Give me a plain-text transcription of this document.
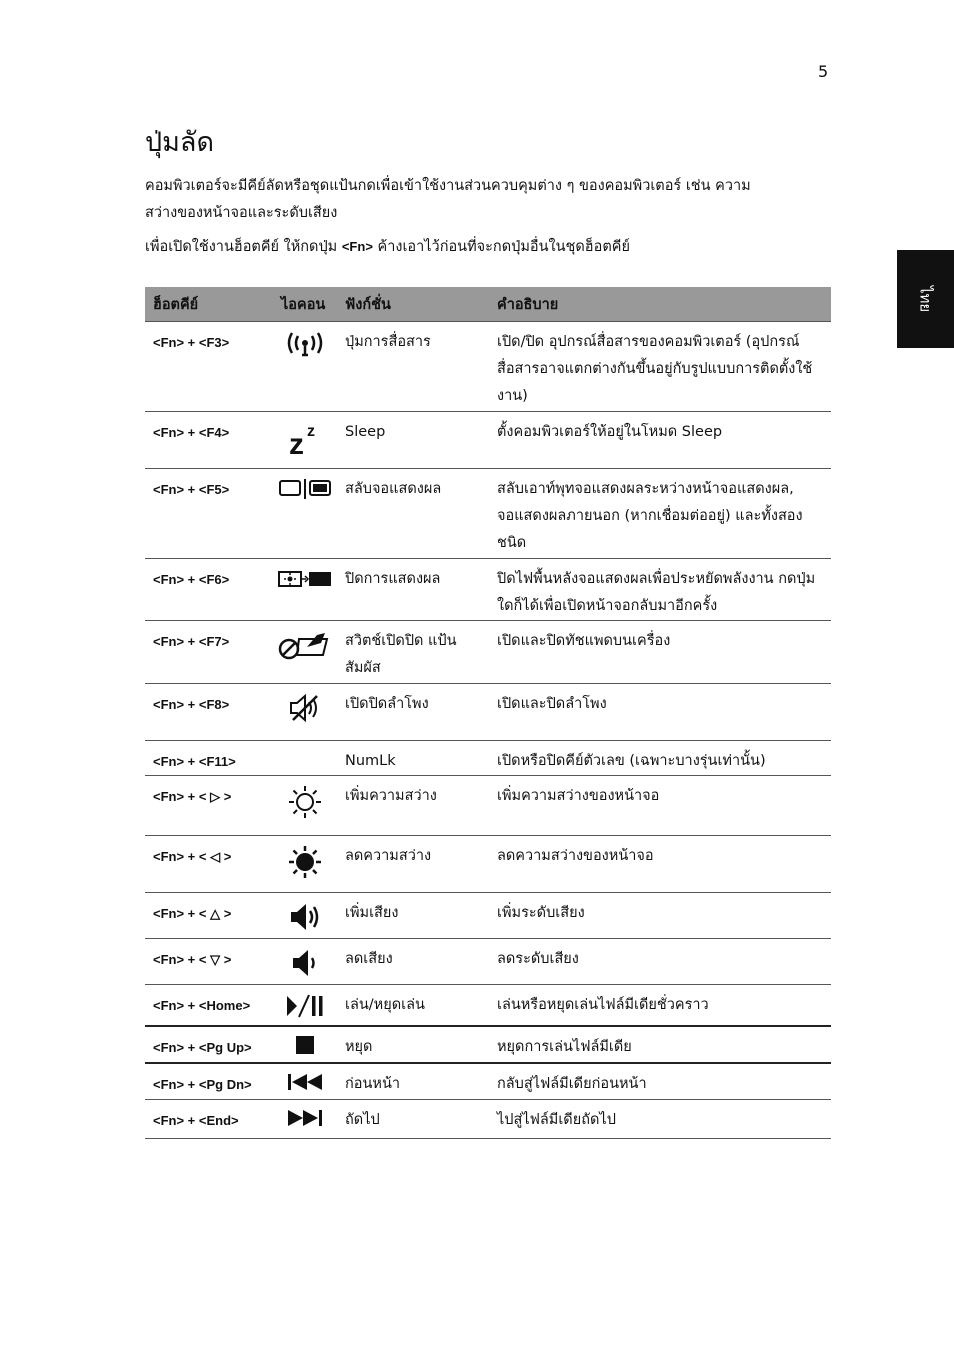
5
ไทย
ปุ่มลัด

คอมพิวเตอร์จะมีคีย์ลัดหรือชุดแป้นกดเพื่อเข้าใช้งานส่วนควบคุมต่าง ๆ ของคอมพิวเตอร์ เช่น ความสว่างของหน้าจอและระดับเสียง

เพื่อเปิดใช้งานฮ็อตคีย์ ให้กดปุ่ม <Fn> ค้างเอาไว้ก่อนที่จะกดปุ่มอื่นในชุดฮ็อตคีย์

ฮ็อตคีย์	ไอคอน	ฟังก์ชั่น	คำอธิบาย
<Fn> + <F3>		ปุ่มการสื่อสาร	เปิด/ปิด อุปกรณ์สื่อสารของคอมพิวเตอร์ (อุปกรณ์สื่อสารอาจแตกต่างกันขึ้นอยู่กับรูปแบบการติดตั้งใช้งาน)
<Fn> + <F4>	z z	Sleep	ตั้งคอมพิวเตอร์ให้อยู่ในโหมด Sleep
<Fn> + <F5>		สลับจอแสดงผล	สลับเอาท์พุทจอแสดงผลระหว่างหน้าจอแสดงผล, จอแสดงผลภายนอก (หากเชื่อมต่ออยู่) และทั้งสองชนิด
<Fn> + <F6>		ปิดการแสดงผล	ปิดไฟพื้นหลังจอแสดงผลเพื่อประหยัดพลังงาน กดปุ่มใดก็ได้เพื่อเปิดหน้าจอกลับมาอีกครั้ง
<Fn> + <F7>		สวิตช์เปิดปิด แป้นสัมผัส	เปิดและปิดทัชแพดบนเครื่อง
<Fn> + <F8>		เปิดปิดลำโพง	เปิดและปิดลำโพง
<Fn> + <F11>		NumLk	เปิดหรือปิดคีย์ตัวเลข (เฉพาะบางรุ่นเท่านั้น)
<Fn> + < ▷ >		เพิ่มความสว่าง	เพิ่มความสว่างของหน้าจอ
<Fn> + < ◁ >		ลดความสว่าง	ลดความสว่างของหน้าจอ
<Fn> + < △ >		เพิ่มเสียง	เพิ่มระดับเสียง
<Fn> + < ▽ >		ลดเสียง	ลดระดับเสียง
<Fn> + <Home>		เล่น/หยุดเล่น	เล่นหรือหยุดเล่นไฟล์มีเดียชั่วคราว
<Fn> + <Pg Up>		หยุด	หยุดการเล่นไฟล์มีเดีย
<Fn> + <Pg Dn>		ก่อนหน้า	กลับสู่ไฟล์มีเดียก่อนหน้า
<Fn> + <End>		ถัดไป	ไปสู่ไฟล์มีเดียถัดไป
